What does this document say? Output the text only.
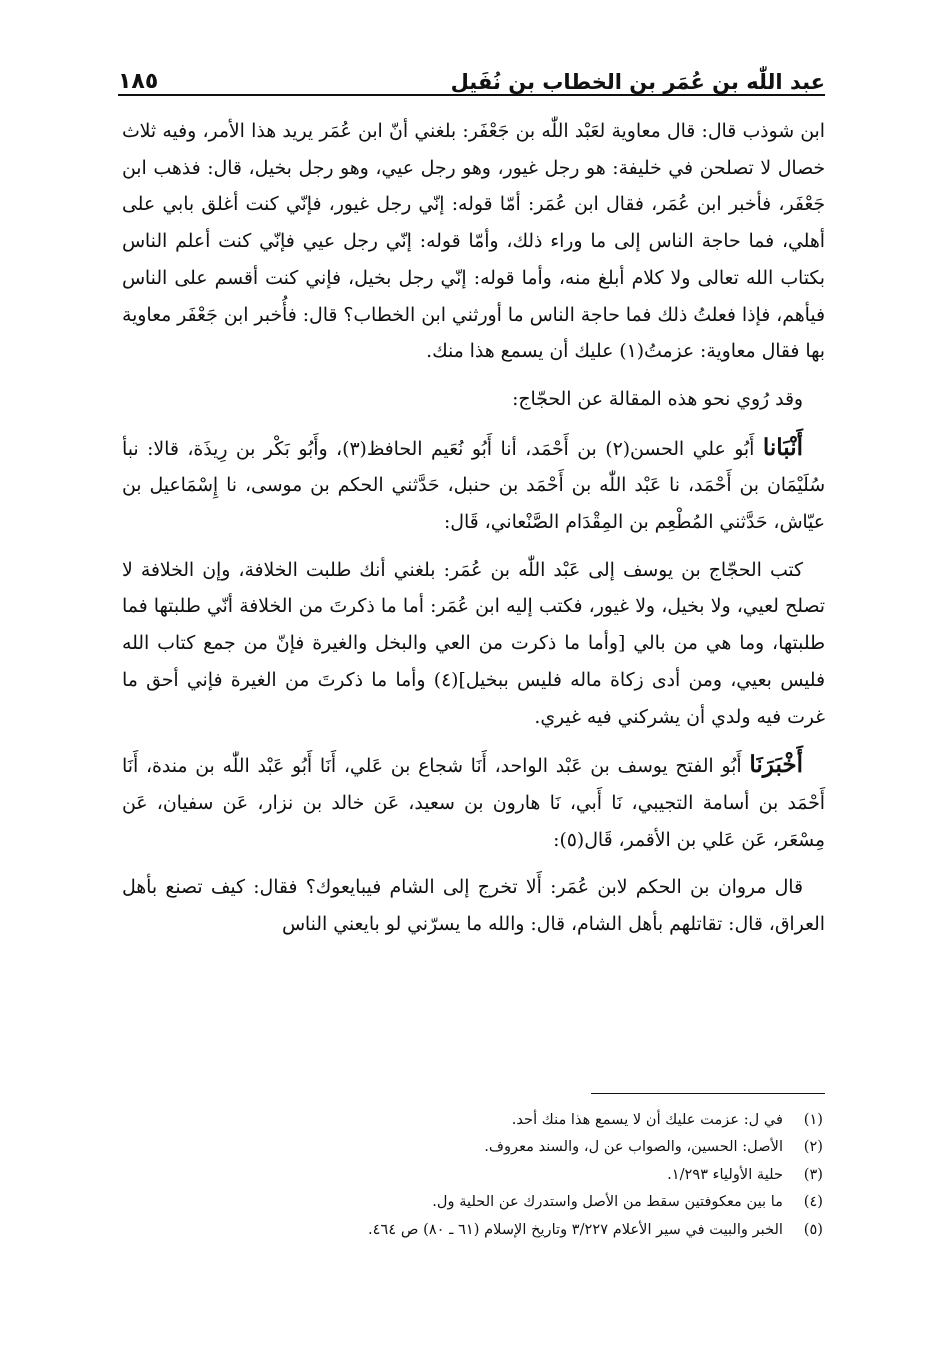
عبد اللّٰه بن عُمَر بن الخطاب بن نُفَيل
١٨٥

ابن شوذب قال: قال معاوية لعَبْد اللّٰه بن جَعْفَر: بلغني أنّ ابن عُمَر يريد هذا الأمر، وفيه ثلاث خصال لا تصلحن في خليفة: هو رجل غيور، وهو رجل عيي، وهو رجل بخيل، قال: فذهب ابن جَعْفَر، فأخبر ابن عُمَر، فقال ابن عُمَر: أمّا قوله: إنّي رجل غيور، فإنّي كنت أغلق بابي على أهلي، فما حاجة الناس إلى ما وراء ذلك، وأمّا قوله: إنّي رجل عيي فإنّي كنت أعلم الناس بكتاب الله تعالى ولا كلام أبلغ منه، وأما قوله: إنّي رجل بخيل، فإني كنت أقسم على الناس فيأهم، فإذا فعلتُ ذلك فما حاجة الناس ما أورثني ابن الخطاب؟ قال: فأُخبر ابن جَعْفَر معاوية بها فقال معاوية: عزمتُ(١) عليك أن يسمع هذا منك.

وقد رُوي نحو هذه المقالة عن الحجّاج:

أَنْبَانا أَبُو علي الحسن(٢) بن أَحْمَد، أنا أَبُو نُعَيم الحافظ(٣)، وأَبُو بَكْر بن رِيذَة، قالا: نبأ سُلَيْمَان بن أَحْمَد، نا عَبْد اللّٰه بن أَحْمَد بن حنبل، حَدَّثني الحكم بن موسى، نا إِسْمَاعيل بن عيّاش، حَدَّثني المُطْعِم بن المِقْدَام الصَّنْعاني، قَال:

كتب الحجّاج بن يوسف إلى عَبْد اللّٰه بن عُمَر: بلغني أنك طلبت الخلافة، وإن الخلافة لا تصلح لعيي، ولا بخيل، ولا غيور، فكتب إليه ابن عُمَر: أما ما ذكرتَ من الخلافة أنّي طلبتها فما طلبتها، وما هي من بالي [وأما ما ذكرت من العي والبخل والغيرة فإنّ من جمع كتاب الله فليس بعيي، ومن أدى زكاة ماله فليس ببخيل](٤) وأما ما ذكرتَ من الغيرة فإني أحق ما غرت فيه ولدي أن يشركني فيه غيري.

أَخْبَرَنَا أَبُو الفتح يوسف بن عَبْد الواحد، أَنَا شجاع بن عَلي، أَنَا أَبُو عَبْد اللّٰه بن مندة، أَنَا أَحْمَد بن أسامة التجيبي، نَا أَبي، نَا هارون بن سعيد، عَن خالد بن نزار، عَن سفيان، عَن مِسْعَر، عَن عَلي بن الأقمر، قَال(٥):

قال مروان بن الحكم لابن عُمَر: أَلا تخرج إلى الشام فيبايعوك؟ فقال: كيف تصنع بأهل العراق، قال: تقاتلهم بأهل الشام، قال: والله ما يسرّني لو بايعني الناس

(١)
في ل: عزمت عليك أن لا يسمع هذا منك أحد.
(٢)
الأصل: الحسين، والصواب عن ل، والسند معروف.
(٣)
حلية الأولياء ١/٢٩٣.
(٤)
ما بين معكوفتين سقط من الأصل واستدرك عن الحلية ول.
(٥)
الخبر والبيت في سير الأعلام ٣/٢٢٧ وتاريخ الإسلام (٦١ ـ ٨٠) ص ٤٦٤.
